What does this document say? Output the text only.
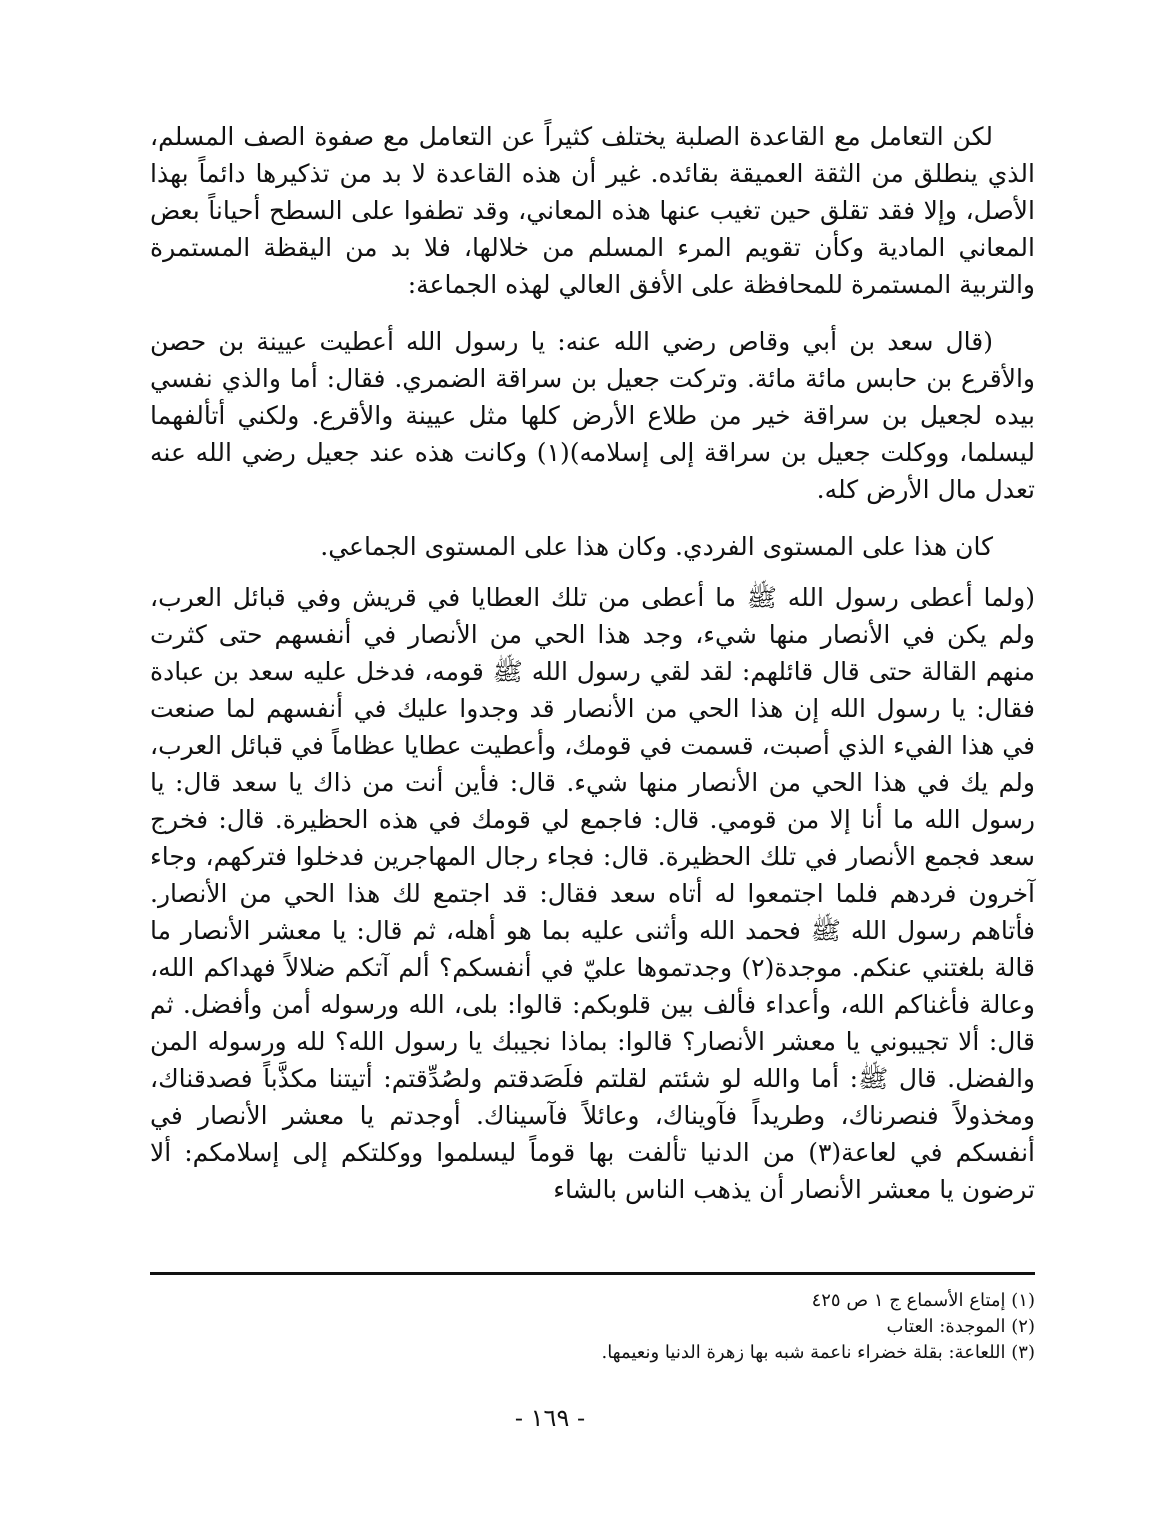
لكن التعامل مع القاعدة الصلبة يختلف كثيراً عن التعامل مع صفوة الصف المسلم، الذي ينطلق من الثقة العميقة بقائده. غير أن هذه القاعدة لا بد من تذكيرها دائماً بهذا الأصل، وإلا فقد تقلق حين تغيب عنها هذه المعاني، وقد تطفوا على السطح أحياناً بعض المعاني المادية وكأن تقويم المرء المسلم من خلالها، فلا بد من اليقظة المستمرة والتربية المستمرة للمحافظة على الأفق العالي لهذه الجماعة:

(قال سعد بن أبي وقاص رضي الله عنه: يا رسول الله أعطيت عيينة بن حصن والأقرع بن حابس مائة مائة. وتركت جعيل بن سراقة الضمري. فقال: أما والذي نفسي بيده لجعيل بن سراقة خير من طلاع الأرض كلها مثل عيينة والأقرع. ولكني أتألفهما ليسلما، ووكلت جعيل بن سراقة إلى إسلامه)(١) وكانت هذه عند جعيل رضي الله عنه تعدل مال الأرض كله.

كان هذا على المستوى الفردي. وكان هذا على المستوى الجماعي.

(ولما أعطى رسول الله ﷺ ما أعطى من تلك العطايا في قريش وفي قبائل العرب، ولم يكن في الأنصار منها شيء، وجد هذا الحي من الأنصار في أنفسهم حتى كثرت منهم القالة حتى قال قائلهم: لقد لقي رسول الله ﷺ قومه، فدخل عليه سعد بن عبادة فقال: يا رسول الله إن هذا الحي من الأنصار قد وجدوا عليك في أنفسهم لما صنعت في هذا الفيء الذي أصبت، قسمت في قومك، وأعطيت عطايا عظاماً في قبائل العرب، ولم يك في هذا الحي من الأنصار منها شيء. قال: فأين أنت من ذاك يا سعد قال: يا رسول الله ما أنا إلا من قومي. قال: فاجمع لي قومك في هذه الحظيرة. قال: فخرج سعد فجمع الأنصار في تلك الحظيرة. قال: فجاء رجال المهاجرين فدخلوا فتركهم، وجاء آخرون فردهم فلما اجتمعوا له أتاه سعد فقال: قد اجتمع لك هذا الحي من الأنصار. فأتاهم رسول الله ﷺ فحمد الله وأثنى عليه بما هو أهله، ثم قال: يا معشر الأنصار ما قالة بلغتني عنكم. موجدة(٢) وجدتموها عليّ في أنفسكم؟ ألم آتكم ضلالاً فهداكم الله، وعالة فأغناكم الله، وأعداء فألف بين قلوبكم: قالوا: بلى، الله ورسوله أمن وأفضل. ثم قال: ألا تجيبوني يا معشر الأنصار؟ قالوا: بماذا نجيبك يا رسول الله؟ لله ورسوله المن والفضل. قال ﷺ: أما والله لو شئتم لقلتم فلَصَدقتم ولصُدِّقتم: أتيتنا مكذَّباً فصدقناك، ومخذولاً فنصرناك، وطريداً فآويناك، وعائلاً فآسيناك. أوجدتم يا معشر الأنصار في أنفسكم في لعاعة(٣) من الدنيا تألفت بها قوماً ليسلموا ووكلتكم إلى إسلامكم: ألا ترضون يا معشر الأنصار أن يذهب الناس بالشاء

(١) إمتاع الأسماع ج ١ ص ٤٢٥

(٢) الموجدة: العتاب

(٣) اللعاعة: بقلة خضراء ناعمة شبه بها زهرة الدنيا ونعيمها.

- ١٦٩ -
